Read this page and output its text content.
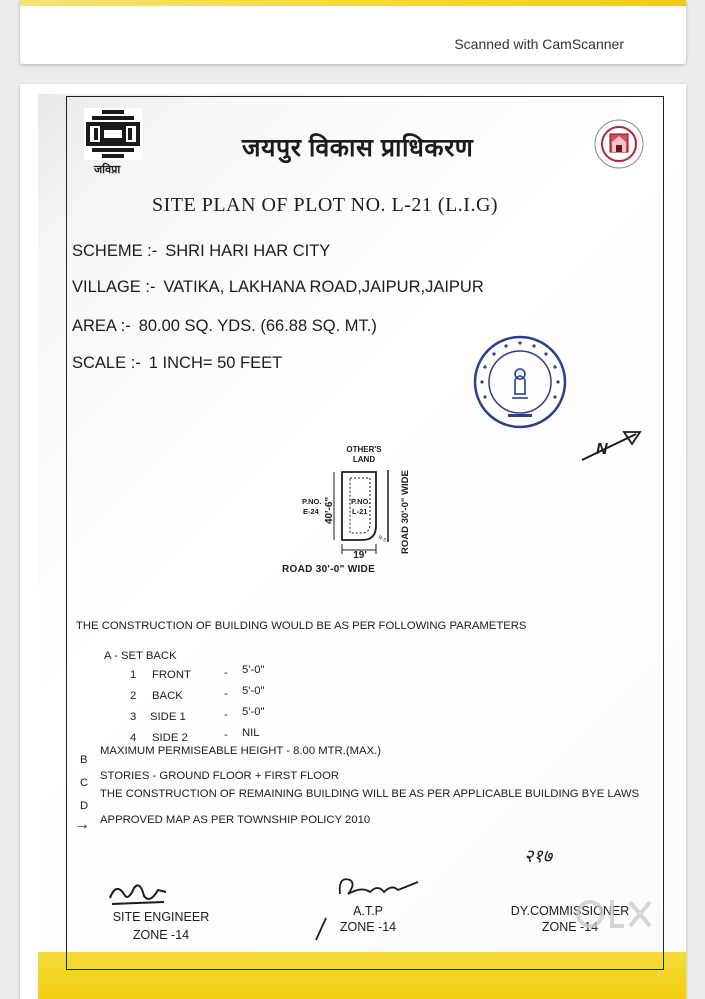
Scanned with CamScanner
जविप्रा
जयपुर विकास प्राधिकरण
SITE PLAN OF PLOT NO. L-21 (L.I.G)
SCHEME :- SHRI HARI HAR CITY
VILLAGE :- VATIKA, LAKHANA ROAD,JAIPUR,JAIPUR
AREA :- 80.00 SQ. YDS. (66.88 SQ. MT.)
SCALE :- 1 INCH= 50 FEET
N
OTHER'S
LAND
P.NO.
E-24
P.NO.
L-21
40'-6"
19'
R-5' ROAD 30'-0" WIDE
ROAD 30'-0" WIDE
THE CONSTRUCTION OF BUILDING WOULD BE AS PER FOLLOWING PARAMETERS
A - SET BACK
1 FRONT	- 5'-0"
2 BACK	- 5'-0"
3 SIDE 1	- 5'-0"
4 SIDE 2	- NIL
B
MAXIMUM PERMISEABLE HEIGHT - 8.00 MTR.(MAX.)
C
STORIES - GROUND FLOOR + FIRST FLOOR
D
THE CONSTRUCTION OF REMAINING BUILDING WILL BE AS PER APPLICABLE BUILDING BYE LAWS
→ APPROVED MAP AS PER TOWNSHIP POLICY 2010
२१७
SITE ENGINEER
ZONE -14
A.T.P
ZONE -14
DY.COMMISSIONER
ZONE -14
